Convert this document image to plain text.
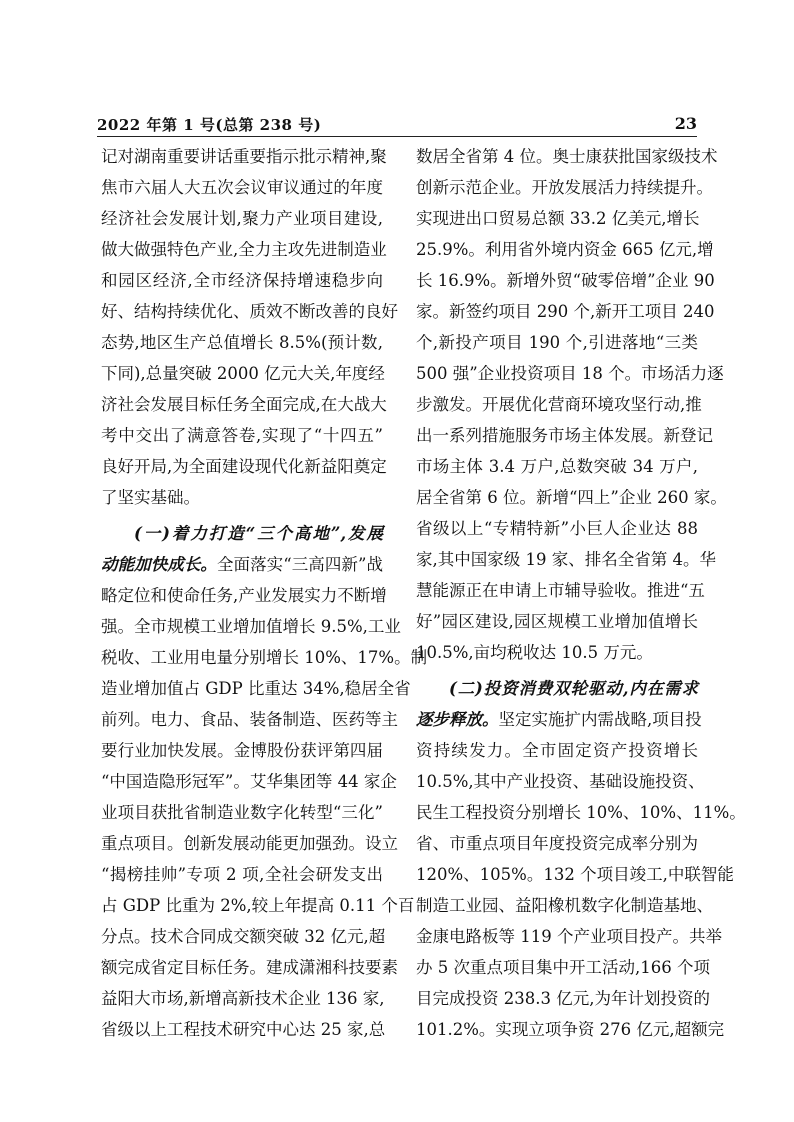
2022 年第 1 号(总第 238 号)	23
记对湖南重要讲话重要指示批示精神,聚
焦市六届人大五次会议审议通过的年度
经济社会发展计划,聚力产业项目建设,
做大做强特色产业,全力主攻先进制造业
和园区经济,全市经济保持增速稳步向
好、结构持续优化、质效不断改善的良好
态势,地区生产总值增长 8.5%(预计数,
下同),总量突破 2000 亿元大关,年度经
济社会发展目标任务全面完成,在大战大
考中交出了满意答卷,实现了“十四五”
良好开局,为全面建设现代化新益阳奠定
了坚实基础。
(一)着力打造“三个高地”,发展
动能加快成长。全面落实“三高四新”战
略定位和使命任务,产业发展实力不断增
强。全市规模工业增加值增长 9.5%,工业
税收、工业用电量分别增长 10%、17%。制
造业增加值占 GDP 比重达 34%,稳居全省
前列。电力、食品、装备制造、医药等主
要行业加快发展。金博股份获评第四届
“中国造隐形冠军”。艾华集团等 44 家企
业项目获批省制造业数字化转型“三化”
重点项目。创新发展动能更加强劲。设立
“揭榜挂帅”专项 2 项,全社会研发支出
占 GDP 比重为 2%,较上年提高 0.11 个百
分点。技术合同成交额突破 32 亿元,超
额完成省定目标任务。建成潇湘科技要素
益阳大市场,新增高新技术企业 136 家,
省级以上工程技术研究中心达 25 家,总
数居全省第 4 位。奥士康获批国家级技术
创新示范企业。开放发展活力持续提升。
实现进出口贸易总额 33.2 亿美元,增长
25.9%。利用省外境内资金 665 亿元,增
长 16.9%。新增外贸“破零倍增”企业 90
家。新签约项目 290 个,新开工项目 240
个,新投产项目 190 个,引进落地“三类
500 强”企业投资项目 18 个。市场活力逐
步激发。开展优化营商环境攻坚行动,推
出一系列措施服务市场主体发展。新登记
市场主体 3.4 万户,总数突破 34 万户,
居全省第 6 位。新增“四上”企业 260 家。
省级以上“专精特新”小巨人企业达 88
家,其中国家级 19 家、排名全省第 4。华
慧能源正在申请上市辅导验收。推进“五
好”园区建设,园区规模工业增加值增长
10.5%,亩均税收达 10.5 万元。
(二)投资消费双轮驱动,内在需求
逐步释放。坚定实施扩内需战略,项目投
资持续发力。全市固定资产投资增长
10.5%,其中产业投资、基础设施投资、
民生工程投资分别增长 10%、10%、11%。
省、市重点项目年度投资完成率分别为
120%、105%。132 个项目竣工,中联智能
制造工业园、益阳橡机数字化制造基地、
金康电路板等 119 个产业项目投产。共举
办 5 次重点项目集中开工活动,166 个项
目完成投资 238.3 亿元,为年计划投资的
101.2%。实现立项争资 276 亿元,超额完
